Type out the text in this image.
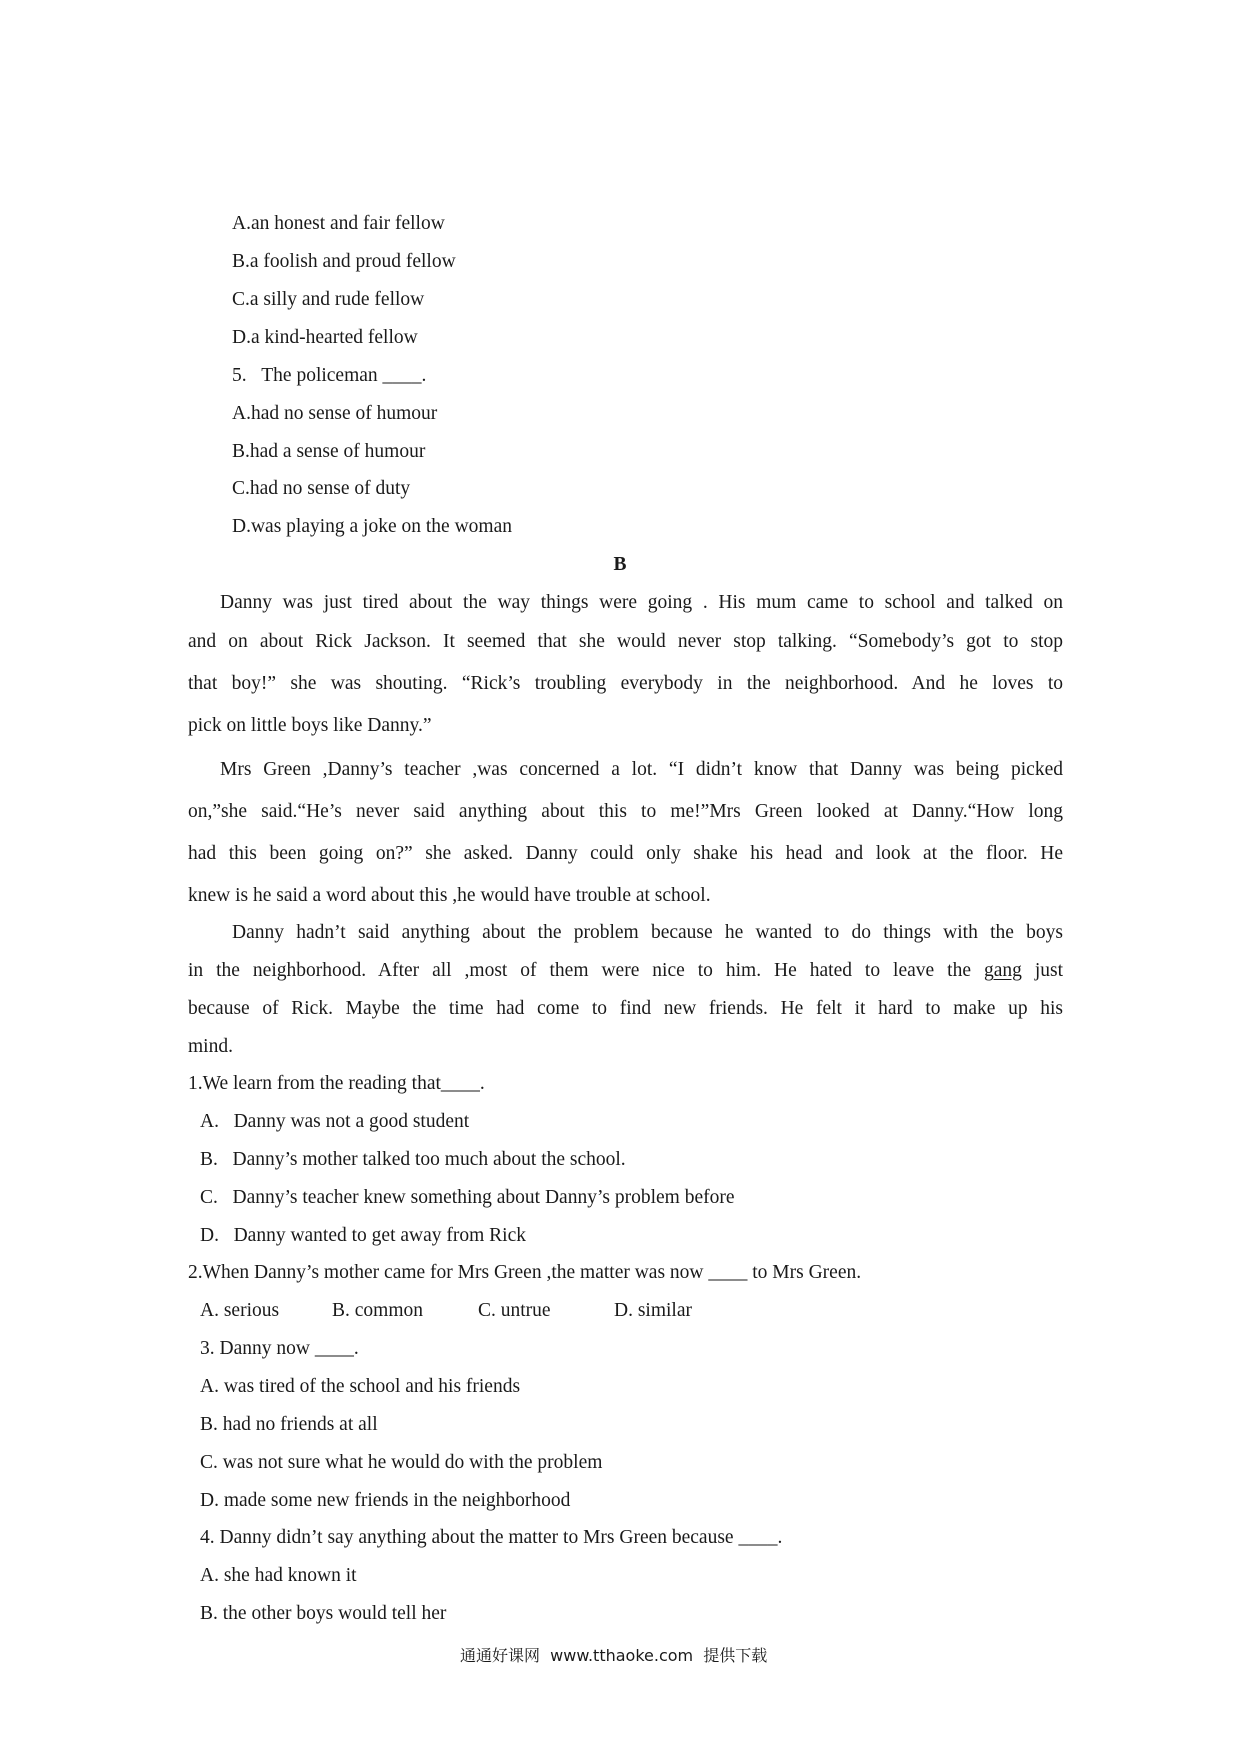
A.an honest and fair fellow
B.a foolish and proud fellow
C.a silly and rude fellow
D.a kind-hearted fellow
5.   The policeman ____.
A.had no sense of humour
B.had a sense of humour
C.had no sense of duty
D.was playing a joke on the woman
B
Danny was just tired about the way things were going . His mum came to school and talked on
and on about Rick Jackson. It seemed that she would never stop talking. “Somebody’s got to stop
that boy!” she was shouting. “Rick’s troubling everybody in the neighborhood. And he loves to
pick on little boys like Danny.”
Mrs Green ,Danny’s teacher ,was concerned a lot. “I didn’t know that Danny was being picked
on,”she said.“He’s never said anything about this to me!”Mrs Green looked at Danny.“How long
had this been going on?” she asked. Danny could only shake his head and look at the floor. He
knew is he said a word about this ,he would have trouble at school.
Danny hadn’t said anything about the problem because he wanted to do things with the boys
in the neighborhood. After all ,most of them were nice to him. He hated to leave the gang just
because of Rick. Maybe the time had come to find new friends. He felt it hard to make up his
mind.
1.We learn from the reading that____.
A.   Danny was not a good student
B.   Danny’s mother talked too much about the school.
C.   Danny’s teacher knew something about Danny’s problem before
D.   Danny wanted to get away from Rick
2.When Danny’s mother came for Mrs Green ,the matter was now ____ to Mrs Green.
A. serious	B. common	C. untrue	D. similar
3. Danny now ____.
A. was tired of the school and his friends
B. had no friends at all
C. was not sure what he would do with the problem
D. made some new friends in the neighborhood
4. Danny didn’t say anything about the matter to Mrs Green because ____.
A. she had known it
B. the other boys would tell her
通通好课网  www.tthaoke.com  提供下载
